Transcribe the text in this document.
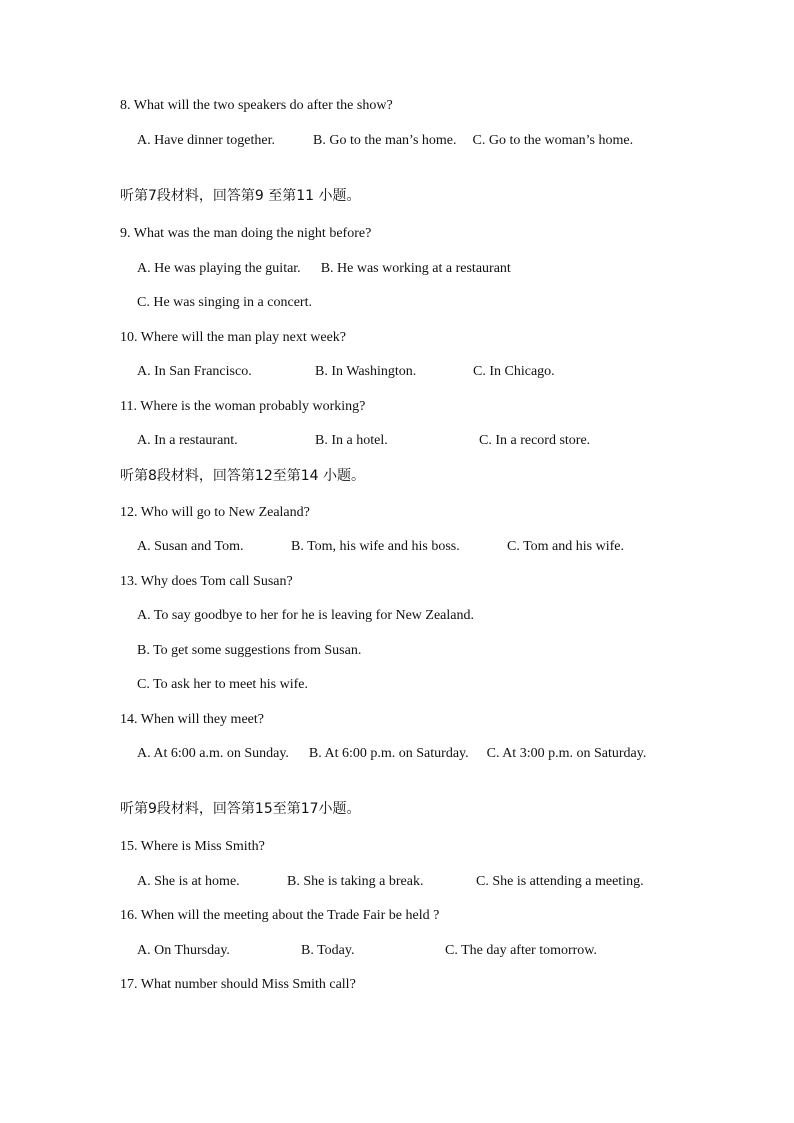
8. What will the two speakers do after the show?
A. Have dinner together.	B. Go to the man’s home. C. Go to the woman’s home.
听第7段材料，回答第9 至第11 小题。
9. What was the man doing the night before?
A. He was playing the guitar. B. He was working at a restaurant
C. He was singing in a concert.
10. Where will the man play next week?
A. In San Francisco.	B. In Washington.	C. In Chicago.
11. Where is the woman probably working?
A. In a restaurant.	B. In a hotel.	C. In a record store.
听第8段材料，回答第12至第14 小题。
12. Who will go to New Zealand?
A. Susan and Tom.	B. Tom, his wife and his boss.	C. Tom and his wife.
13. Why does Tom call Susan?
A. To say goodbye to her for he is leaving for New Zealand.
B. To get some suggestions from Susan.
C. To ask her to meet his wife.
14. When will they meet?
A. At 6:00 a.m. on Sunday. B. At 6:00 p.m. on Saturday. C. At 3:00 p.m. on Saturday.
听第9段材料，回答第15至第17小题。
15. Where is Miss Smith?
A. She is at home.	B. She is taking a break.	C. She is attending a meeting.
16. When will the meeting about the Trade Fair be held ?
A. On Thursday.	B. Today.	C. The day after tomorrow.
17. What number should Miss Smith call?
